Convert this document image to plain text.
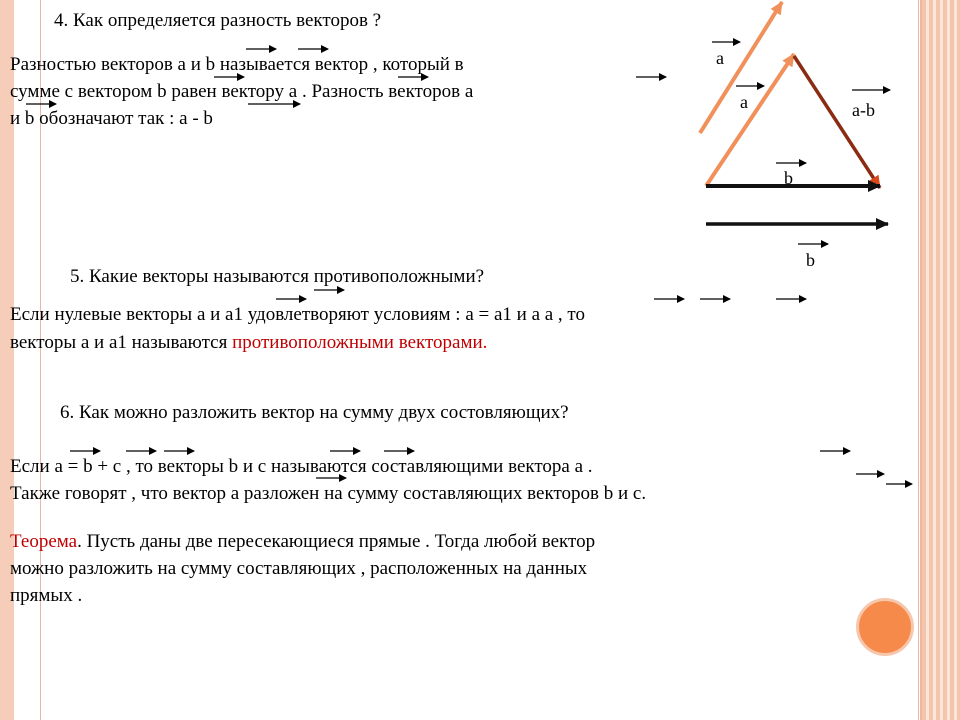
4. Как определяется разность векторов ?
Разностью векторов а и b называется вектор , который в
сумме с вектором b равен вектору а . Разность векторов а
и b обозначают так : а - b
5. Какие векторы называются противоположными?
Если нулевые векторы а и а1 удовлетворяют условиям : а = а1 и а а , то
векторы а и а1 называются противоположными векторами.
6. Как можно разложить вектор на сумму двух состовляющих?
Если а = b + с , то векторы b и с называются составляющими вектора а .
Также говорят , что вектор а разложен на сумму составляющих векторов b и с.
Теорема. Пусть даны две пересекающиеся прямые . Тогда любой вектор
можно разложить на сумму составляющих , расположенных на данных
прямых .
a
a	a-b
b
b
